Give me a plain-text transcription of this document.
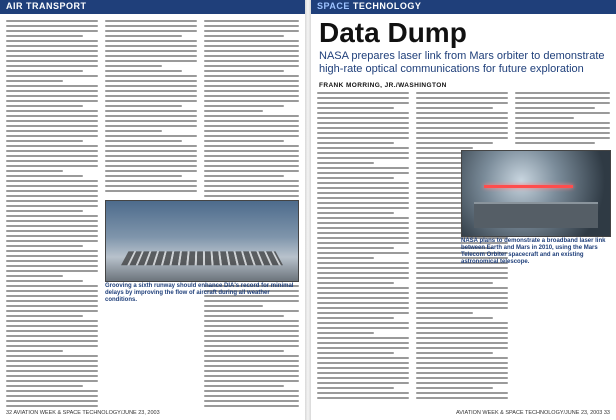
AIR TRANSPORT
Grooving a sixth runway should enhance DIA's record for minimal delays by improving the flow of aircraft during all weather conditions.
32 AVIATION WEEK & SPACE TECHNOLOGY/JUNE 23, 2003
SPACE TECHNOLOGY
Data Dump
NASA prepares laser link from Mars orbiter to demonstrate high-rate optical communications for future exploration
FRANK MORRING, JR./WASHINGTON
NASA plans to demonstrate a broadband laser link between Earth and Mars in 2010, using the Mars Telecom Orbiter spacecraft and an existing astronomical telescope.
AVIATION WEEK & SPACE TECHNOLOGY/JUNE 23, 2003 33
